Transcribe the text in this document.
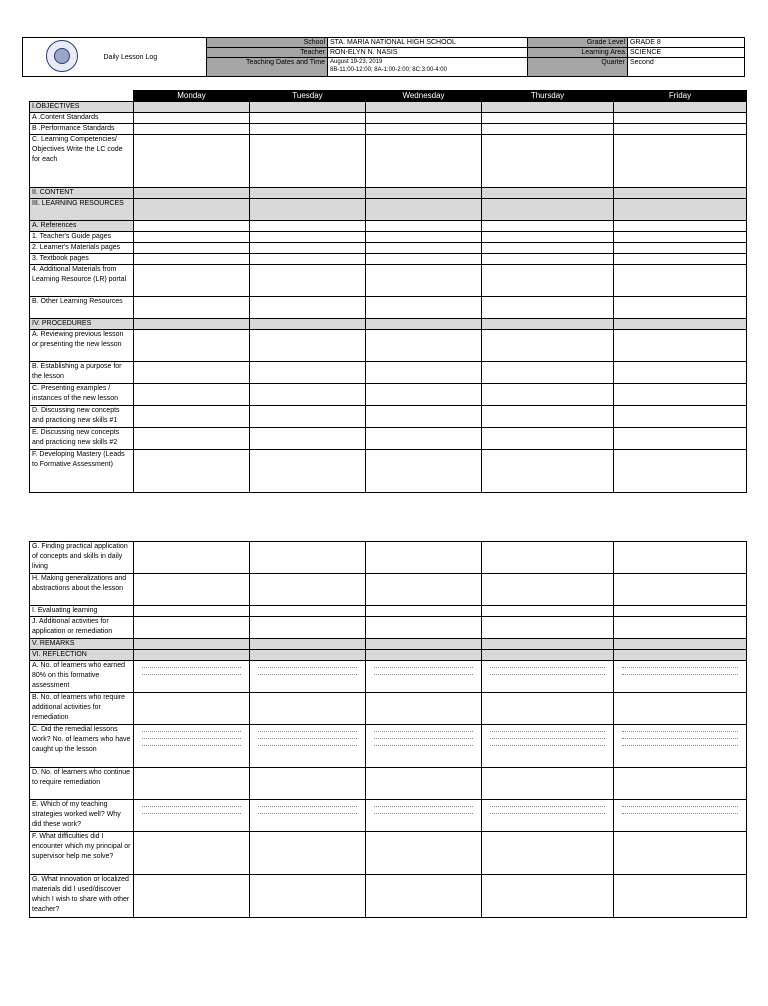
	Daily Lesson Log	School	STA. MARIA NATIONAL HIGH SCHOOL	Grade Level	GRADE 8
		Teacher	RON-ELYN N. NASIS	Learning Area	SCIENCE
		Teaching Dates and Time	August 19-23, 2019
8B-11:00-12:00; 8A-1:00-2:00; 8C:3:00-4:00	Quarter	Second
	Monday	Tuesday	Wednesday	Thursday	Friday
I.OBJECTIVES					
A .Content Standards					
B .Performance Standards					
C. Learning Competencies/ Objectives Write the LC code for each					
II. CONTENT					
III. LEARNING RESOURCES					
A. References					
1. Teacher's Guide pages					
2. Learner's Materials pages					
3. Textbook pages					
4. Additional Materials from Learning Resource (LR) portal					
B. Other Learning Resources					
IV. PROCEDURES					
A. Reviewing previous lesson or presenting the new lesson					
B. Establishing a purpose for the lesson					
C. Presenting examples / instances of the new lesson					
D. Discussing new concepts and practicing new skills #1					
E. Discussing new concepts and practicing new skills #2					
F. Developing Mastery (Leads to Formative Assessment)					
G. Finding practical application of concepts and skills in daily living					
H. Making generalizations and abstractions about the lesson					
I. Evaluating learning					
J. Additional activities for application or remediation					
V. REMARKS					
VI. REFLECTION					
A. No. of learners who earned 80% on this formative assessment	

B. No. of learners who require additional activities for remediation					
C. Did the remedial lessons work? No. of learners who have caught up the lesson	

D. No. of learners who continue to require remediation					
E. Which of my teaching strategies worked well? Why did these work?	

F. What difficulties did I encounter which my principal or supervisor help me solve?					
G. What innovation or localized materials did I used/discover which I wish to share with other teacher?					
